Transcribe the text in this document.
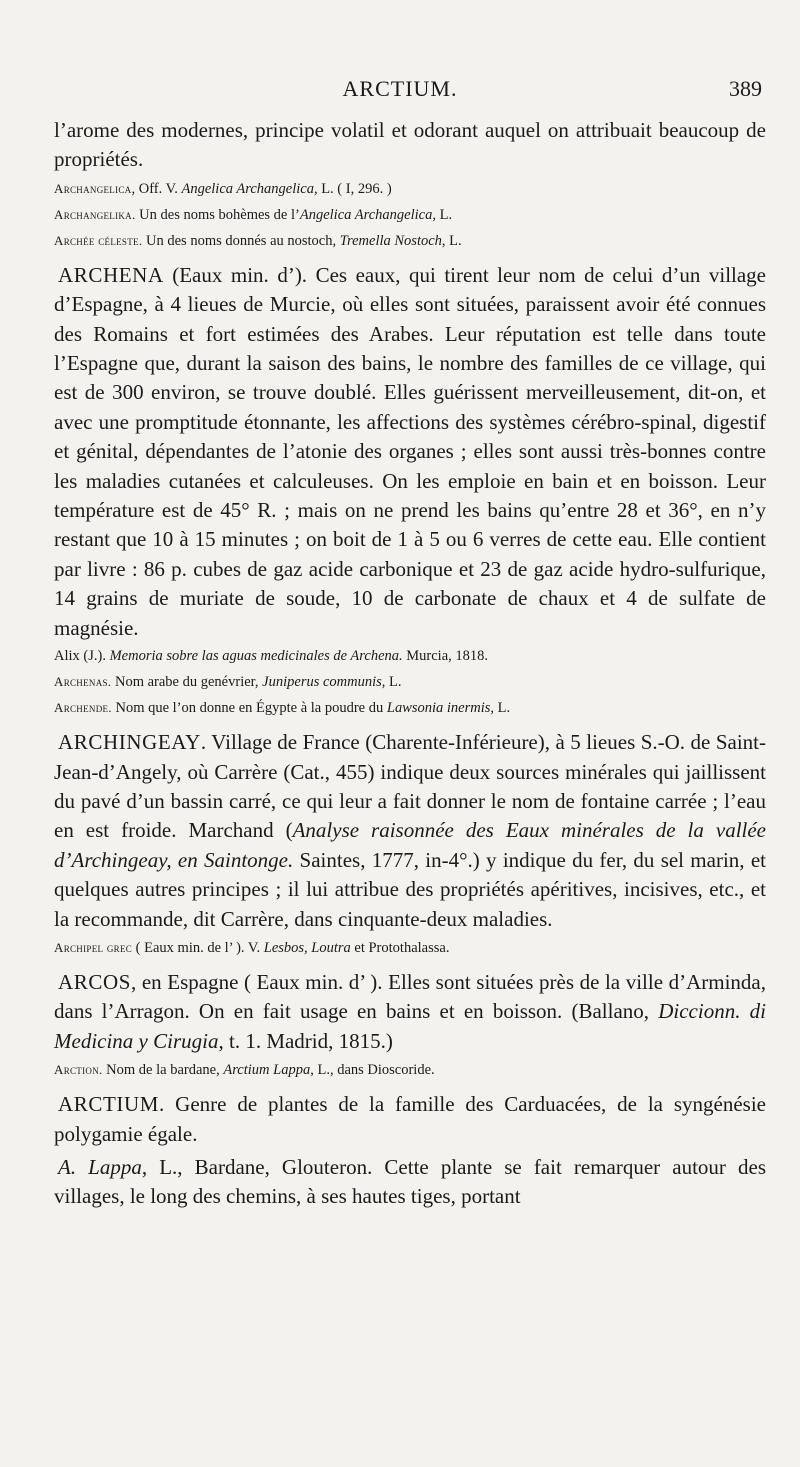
ARCTIUM.	389

l’arome des modernes, principe volatil et odorant auquel on attribuait beaucoup de propriétés.

Archangelica, Off. V. Angelica Archangelica, L. ( I, 296. )

Archangelika. Un des noms bohèmes de l’Angelica Archangelica, L.

Archée céleste. Un des noms donnés au nostoch, Tremella Nostoch, L.

ARCHENA (Eaux min. d’). Ces eaux, qui tirent leur nom de celui d’un village d’Espagne, à 4 lieues de Murcie, où elles sont situées, paraissent avoir été connues des Romains et fort estimées des Arabes. Leur réputation est telle dans toute l’Espagne que, durant la saison des bains, le nombre des familles de ce village, qui est de 300 environ, se trouve doublé. Elles guérissent merveilleusement, dit-on, et avec une promptitude étonnante, les affections des systèmes cérébro-spinal, digestif et génital, dépendantes de l’atonie des organes ; elles sont aussi très-bonnes contre les maladies cutanées et calculeuses. On les emploie en bain et en boisson. Leur température est de 45° R. ; mais on ne prend les bains qu’entre 28 et 36°, en n’y restant que 10 à 15 minutes ; on boit de 1 à 5 ou 6 verres de cette eau. Elle contient par livre : 86 p. cubes de gaz acide carbonique et 23 de gaz acide hydro-sulfurique, 14 grains de muriate de soude, 10 de carbonate de chaux et 4 de sulfate de magnésie.

Alix (J.). Memoria sobre las aguas medicinales de Archena. Murcia, 1818.

Archenas. Nom arabe du genévrier, Juniperus communis, L.

Archende. Nom que l’on donne en Égypte à la poudre du Lawsonia inermis, L.

ARCHINGEAY. Village de France (Charente-Inférieure), à 5 lieues S.-O. de Saint-Jean-d’Angely, où Carrère (Cat., 455) indique deux sources minérales qui jaillissent du pavé d’un bassin carré, ce qui leur a fait donner le nom de fontaine carrée ; l’eau en est froide. Marchand (Analyse raisonnée des Eaux minérales de la vallée d’Archingeay, en Saintonge. Saintes, 1777, in-4°.) y indique du fer, du sel marin, et quelques autres principes ; il lui attribue des propriétés apéritives, incisives, etc., et la recommande, dit Carrère, dans cinquante-deux maladies.

Archipel grec ( Eaux min. de l’ ). V. Lesbos, Loutra et Protothalassa.

ARCOS, en Espagne ( Eaux min. d’ ). Elles sont situées près de la ville d’Arminda, dans l’Arragon. On en fait usage en bains et en boisson. (Ballano, Diccionn. di Medicina y Cirugia, t. 1. Madrid, 1815.)

Arction. Nom de la bardane, Arctium Lappa, L., dans Dioscoride.

ARCTIUM. Genre de plantes de la famille des Carduacées, de la syngénésie polygamie égale.

A. Lappa, L., Bardane, Glouteron. Cette plante se fait remarquer autour des villages, le long des chemins, à ses hautes tiges, portant
